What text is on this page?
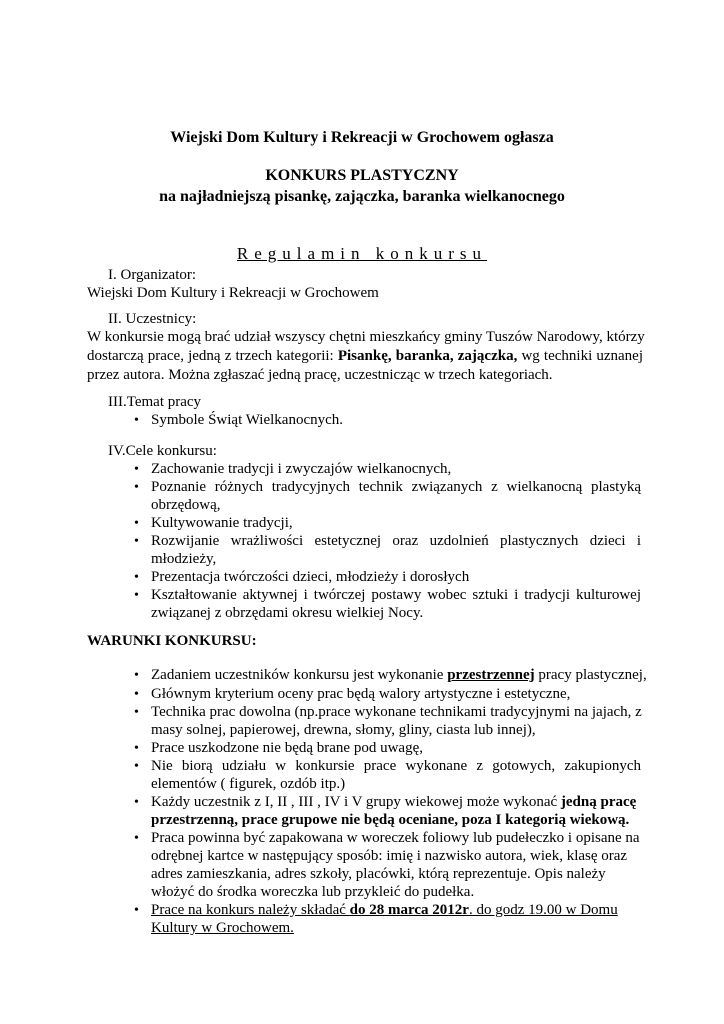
Wiejski Dom Kultury i Rekreacji w Grochowem ogłasza
KONKURS PLASTYCZNY
na najładniejszą pisankę, zajączka, baranka wielkanocnego
Regulamin konkursu
I. Organizator:
Wiejski Dom Kultury i Rekreacji w Grochowem
II. Uczestnicy:
W konkursie mogą brać udział wszyscy chętni mieszkańcy gminy Tuszów Narodowy, którzy
dostarczą prace, jedną z trzech kategorii: Pisankę, baranka, zajączka, wg techniki uznanej
przez autora. Można zgłaszać jedną pracę, uczestnicząc w trzech kategoriach.
III.Temat pracy
• Symbole Świąt Wielkanocnych.
IV.Cele konkursu:
• Zachowanie tradycji i zwyczajów wielkanocnych,
• Poznanie różnych tradycyjnych technik związanych z wielkanocną plastyką
obrzędową,
• Kultywowanie tradycji,
• Rozwijanie wrażliwości estetycznej oraz uzdolnień plastycznych dzieci i
młodzieży,
• Prezentacja twórczości dzieci, młodzieży i dorosłych
• Kształtowanie aktywnej i twórczej postawy wobec sztuki i tradycji kulturowej
związanej z obrzędami okresu wielkiej Nocy.
WARUNKI KONKURSU:
• Zadaniem uczestników konkursu jest wykonanie przestrzennej pracy plastycznej,
• Głównym kryterium oceny prac będą walory artystyczne i estetyczne,
• Technika prac dowolna (np.prace wykonane technikami tradycyjnymi na jajach, z
masy solnej, papierowej, drewna, słomy, gliny, ciasta lub innej),
• Prace uszkodzone nie będą brane pod uwagę,
• Nie biorą udziału w konkursie prace wykonane z gotowych, zakupionych
elementów ( figurek, ozdób itp.)
• Każdy uczestnik z I, II , III , IV i V grupy wiekowej może wykonać jedną pracę
przestrzenną, prace grupowe nie będą oceniane, poza I kategorią wiekową.
• Praca powinna być zapakowana w woreczek foliowy lub pudełeczko i opisane na
odrębnej kartce w następujący sposób: imię i nazwisko autora, wiek, klasę oraz
adres zamieszkania, adres szkoły, placówki, którą reprezentuje. Opis należy
włożyć do środka woreczka lub przykleić do pudełka.
• Prace na konkurs należy składać do 28 marca 2012r. do godz 19.00 w Domu
Kultury w Grochowem.
